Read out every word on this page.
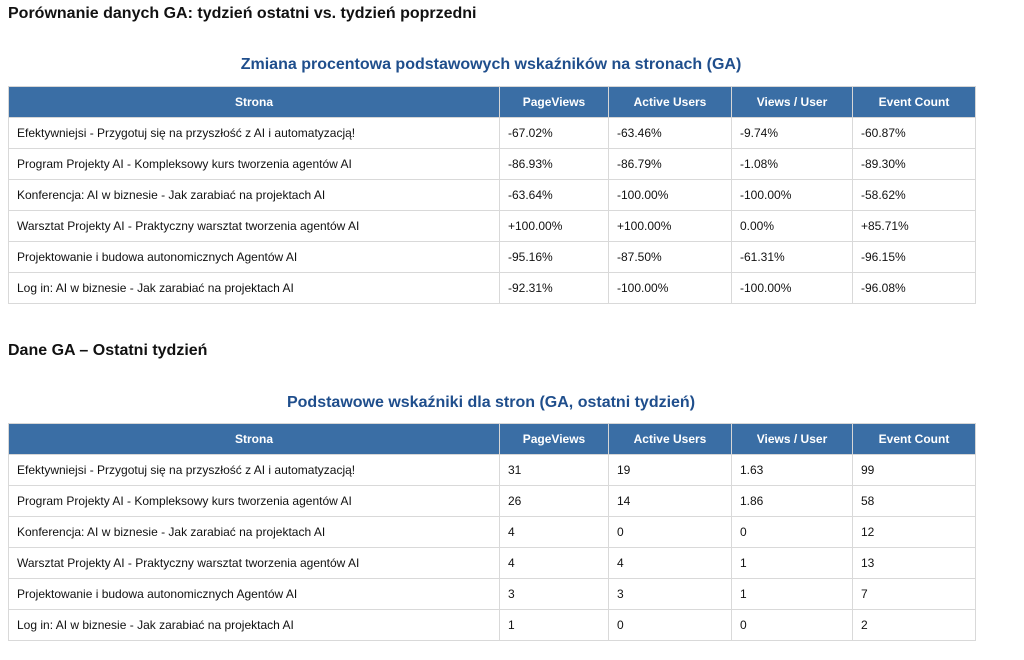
Porównanie danych GA: tydzień ostatni vs. tydzień poprzedni
Zmiana procentowa podstawowych wskaźników na stronach (GA)
Strona	PageViews	Active Users	Views / User	Event Count
Efektywniejsi - Przygotuj się na przyszłość z AI i automatyzacją!	-67.02%	-63.46%	-9.74%	-60.87%
Program Projekty AI - Kompleksowy kurs tworzenia agentów AI	-86.93%	-86.79%	-1.08%	-89.30%
Konferencja: AI w biznesie - Jak zarabiać na projektach AI	-63.64%	-100.00%	-100.00%	-58.62%
Warsztat Projekty AI - Praktyczny warsztat tworzenia agentów AI	+100.00%	+100.00%	0.00%	+85.71%
Projektowanie i budowa autonomicznych Agentów AI	-95.16%	-87.50%	-61.31%	-96.15%
Log in: AI w biznesie - Jak zarabiać na projektach AI	-92.31%	-100.00%	-100.00%	-96.08%
Dane GA – Ostatni tydzień
Podstawowe wskaźniki dla stron (GA, ostatni tydzień)
Strona	PageViews	Active Users	Views / User	Event Count
Efektywniejsi - Przygotuj się na przyszłość z AI i automatyzacją!	31	19	1.63	99
Program Projekty AI - Kompleksowy kurs tworzenia agentów AI	26	14	1.86	58
Konferencja: AI w biznesie - Jak zarabiać na projektach AI	4	0	0	12
Warsztat Projekty AI - Praktyczny warsztat tworzenia agentów AI	4	4	1	13
Projektowanie i budowa autonomicznych Agentów AI	3	3	1	7
Log in: AI w biznesie - Jak zarabiać na projektach AI	1	0	0	2
